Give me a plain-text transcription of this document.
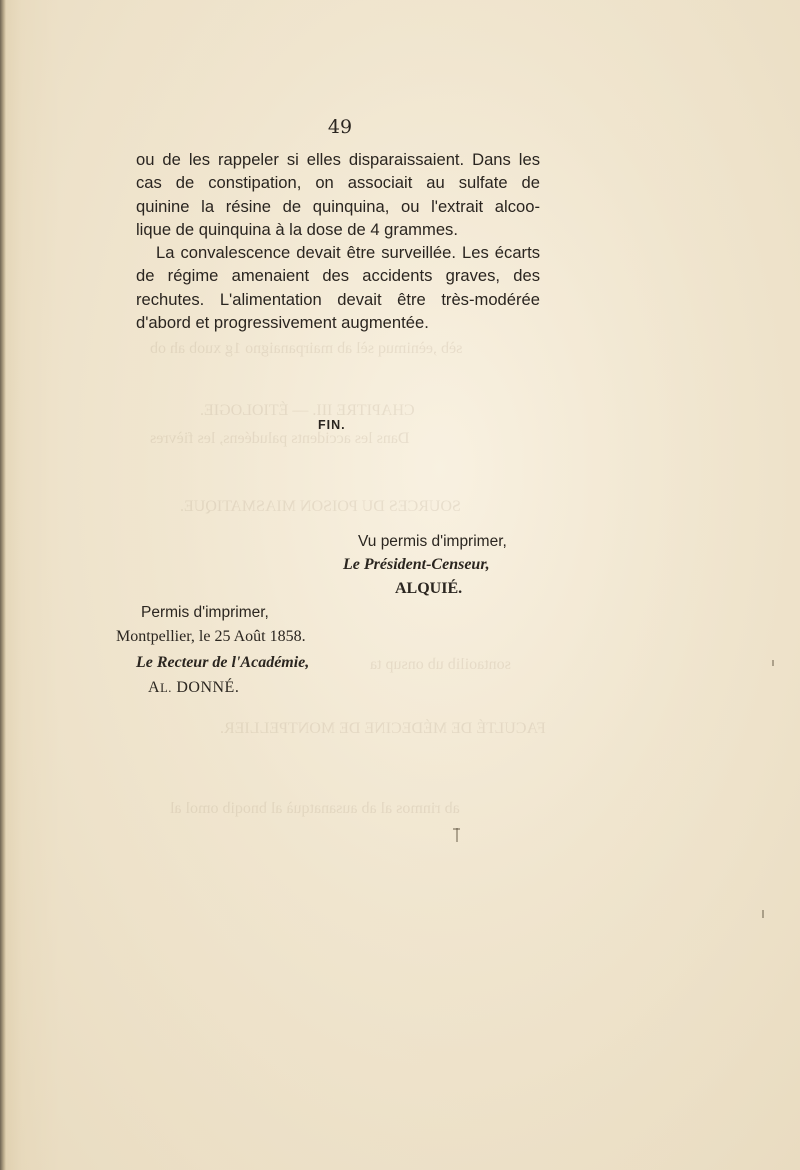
sèb ,eènimuq sèl ab mairpanaigno 1g xuob ah ob
CHAPITRE III. — ÉTIOLOGIE.
Dans les accidents paludéens, les fièvres
SOURCES DU POISON MIASMATIQUE.
sontaoilib ub onsup ta
FACULTÉ DE MÉDECINE DE MONTPELLIER.
ab rinmos al ab ausanatquà al bnoqib omol al
49
ou de les rappeler si elles disparaissaient. Dans les
cas de constipation, on associait au sulfate de
quinine la résine de quinquina, ou l'extrait alcoo-
lique de quinquina à la dose de 4 grammes.
La convalescence devait être surveillée. Les écarts
de régime amenaient des accidents graves, des
rechutes. L'alimentation devait être très-modérée
d'abord et progressivement augmentée.
FIN.
Vu permis d'imprimer,
Le Président-Censeur,
ALQUIÉ.
Permis d'imprimer,
Montpellier, le 25 Août 1858.
Le Recteur de l'Académie,
AL. DONNÉ.
